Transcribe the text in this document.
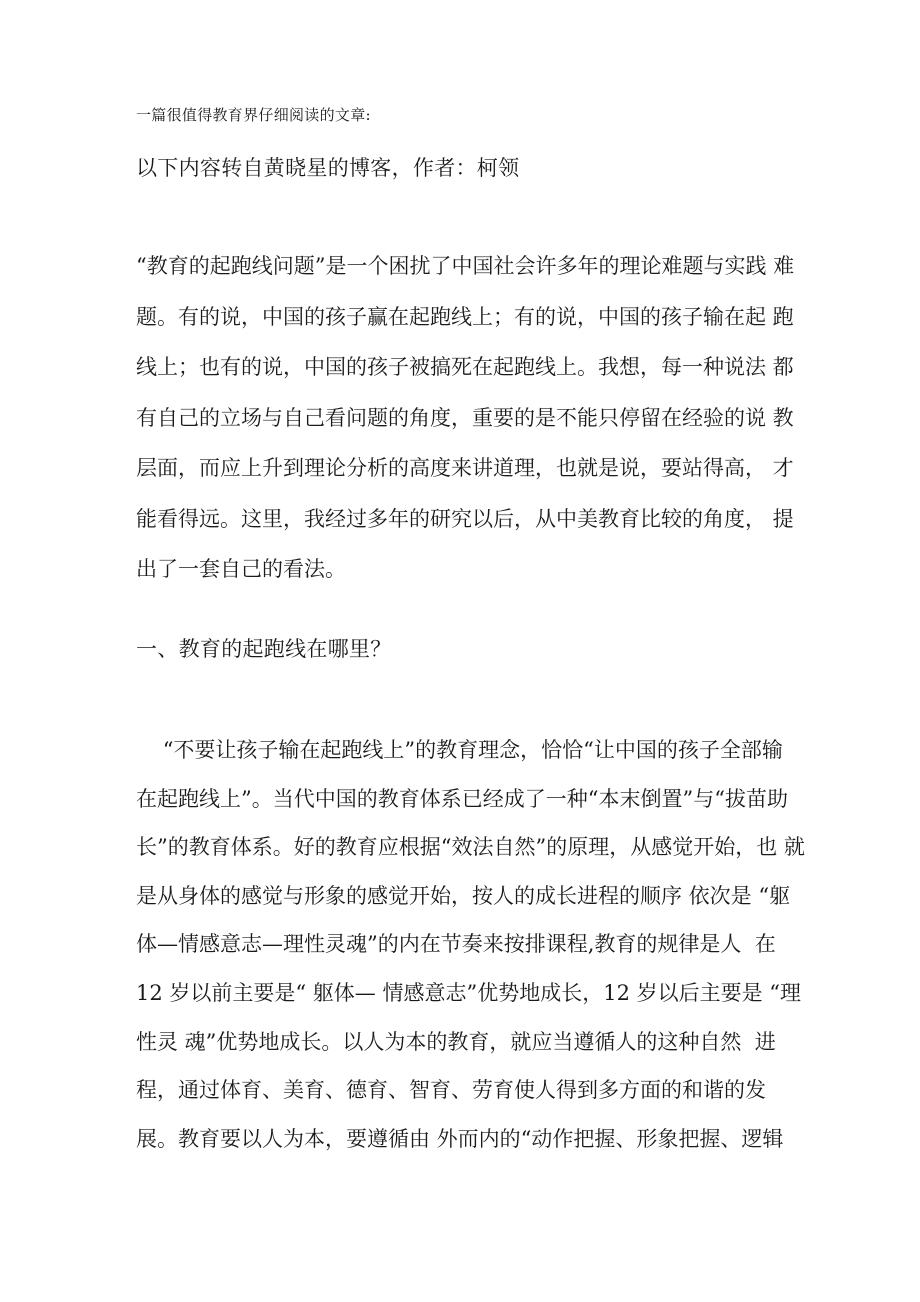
一篇很值得教育界仔细阅读的文章:
以下内容转自黄晓星的博客，作者：柯领

“教育的起跑线问题”是一个困扰了中国社会许多年的理论难题与实践 难
题。有的说，中国的孩子赢在起跑线上；有的说，中国的孩子输在起 跑
线上；也有的说，中国的孩子被搞死在起跑线上。我想，每一种说法 都
有自己的立场与自己看问题的角度，重要的是不能只停留在经验的说 教
层面，而应上升到理论分析的高度来讲道理，也就是说，要站得高， 才
能看得远。这里，我经过多年的研究以后，从中美教育比较的角度， 提
出了一套自己的看法。

一、教育的起跑线在哪里？

“不要让孩子输在起跑线上”的教育理念，恰恰“让中国的孩子全部输
在起跑线上”。当代中国的教育体系已经成了一种“本末倒置”与“拔苗助
长”的教育体系。好的教育应根据“效法自然”的原理，从感觉开始，也 就
是从身体的感觉与形象的感觉开始，按人的成长进程的顺序 依次是 “躯
体—情感意志—理性灵魂”的内在节奏来按排课程,教育的规律是人  在
12 岁以前主要是“ 躯体— 情感意志”优势地成长，12 岁以后主要是 “理
性灵 魂”优势地成长。以人为本的教育，就应当遵循人的这种自然  进
程，通过体育、美育、德育、智育、劳育使人得到多方面的和谐的发
展。教育要以人为本，要遵循由 外而内的“动作把握、形象把握、逻辑
